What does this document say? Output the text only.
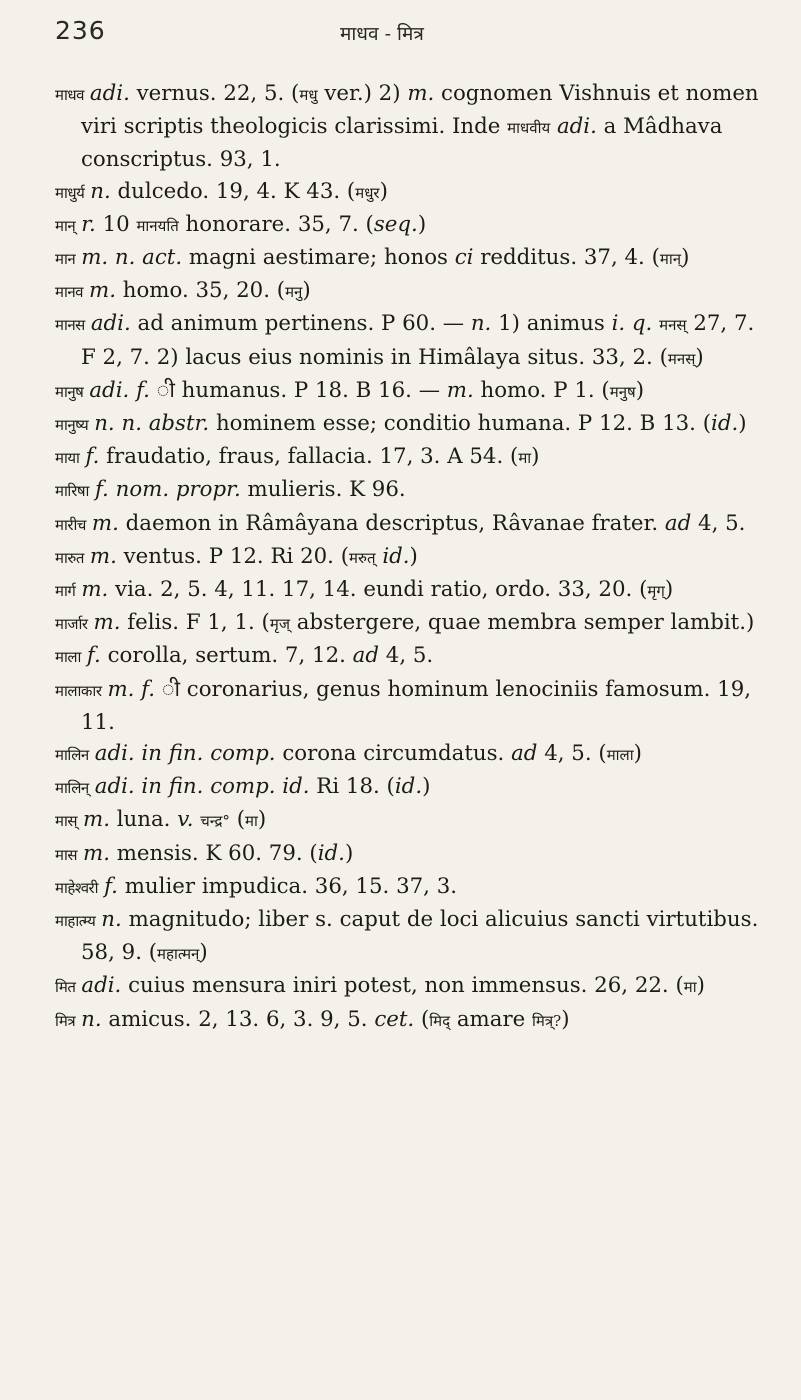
236	माधव - मित्र

माधव adi. vernus. 22, 5. (मधु ver.) 2) m. cognomen Vishnuis et nomen viri scriptis theologicis clarissimi. Inde माधवीय adi. a Mâdhava conscriptus. 93, 1.

माधुर्य n. dulcedo. 19, 4. K 43. (मधुर)

मान् r. 10 मानयति honorare. 35, 7. (seq.)

मान m. n. act. magni aestimare; honos ci redditus. 37, 4. (मान्)

मानव m. homo. 35, 20. (मनु)

मानस adi. ad animum pertinens. P 60. — n. 1) animus i. q. मनस् 27, 7. F 2, 7. 2) lacus eius nominis in Himâlaya situs. 33, 2. (मनस्)

मानुष adi. f. ी humanus. P 18. B 16. — m. homo. P 1. (मनुष)

मानुष्य n. n. abstr. hominem esse; conditio humana. P 12. B 13. (id.)

माया f. fraudatio, fraus, fallacia. 17, 3. A 54. (मा)

मारिषा f. nom. propr. mulieris. K 96.

मारीच m. daemon in Râmâyana descriptus, Râvanae frater. ad 4, 5.

मारुत m. ventus. P 12. Ri 20. (मरुत् id.)

मार्ग m. via. 2, 5. 4, 11. 17, 14. eundi ratio, ordo. 33, 20. (मृग्)

मार्जार m. felis. F 1, 1. (मृज् abstergere, quae membra semper lambit.)

माला f. corolla, sertum. 7, 12. ad 4, 5.

मालाकार m. f. ी coronarius, genus hominum lenociniis famosum. 19, 11.

मालिन adi. in fin. comp. corona circumdatus. ad 4, 5. (माला)

मालिन् adi. in fin. comp. id. Ri 18. (id.)

मास् m. luna. v. चन्द्र° (मा)

मास m. mensis. K 60. 79. (id.)

माहेश्वरी f. mulier impudica. 36, 15. 37, 3.

माहात्म्य n. magnitudo; liber s. caput de loci alicuius sancti virtutibus. 58, 9. (महात्मन्)

मित adi. cuius mensura iniri potest, non immensus. 26, 22. (मा)

मित्र n. amicus. 2, 13. 6, 3. 9, 5. cet. (मिद् amare मित्र्?)
